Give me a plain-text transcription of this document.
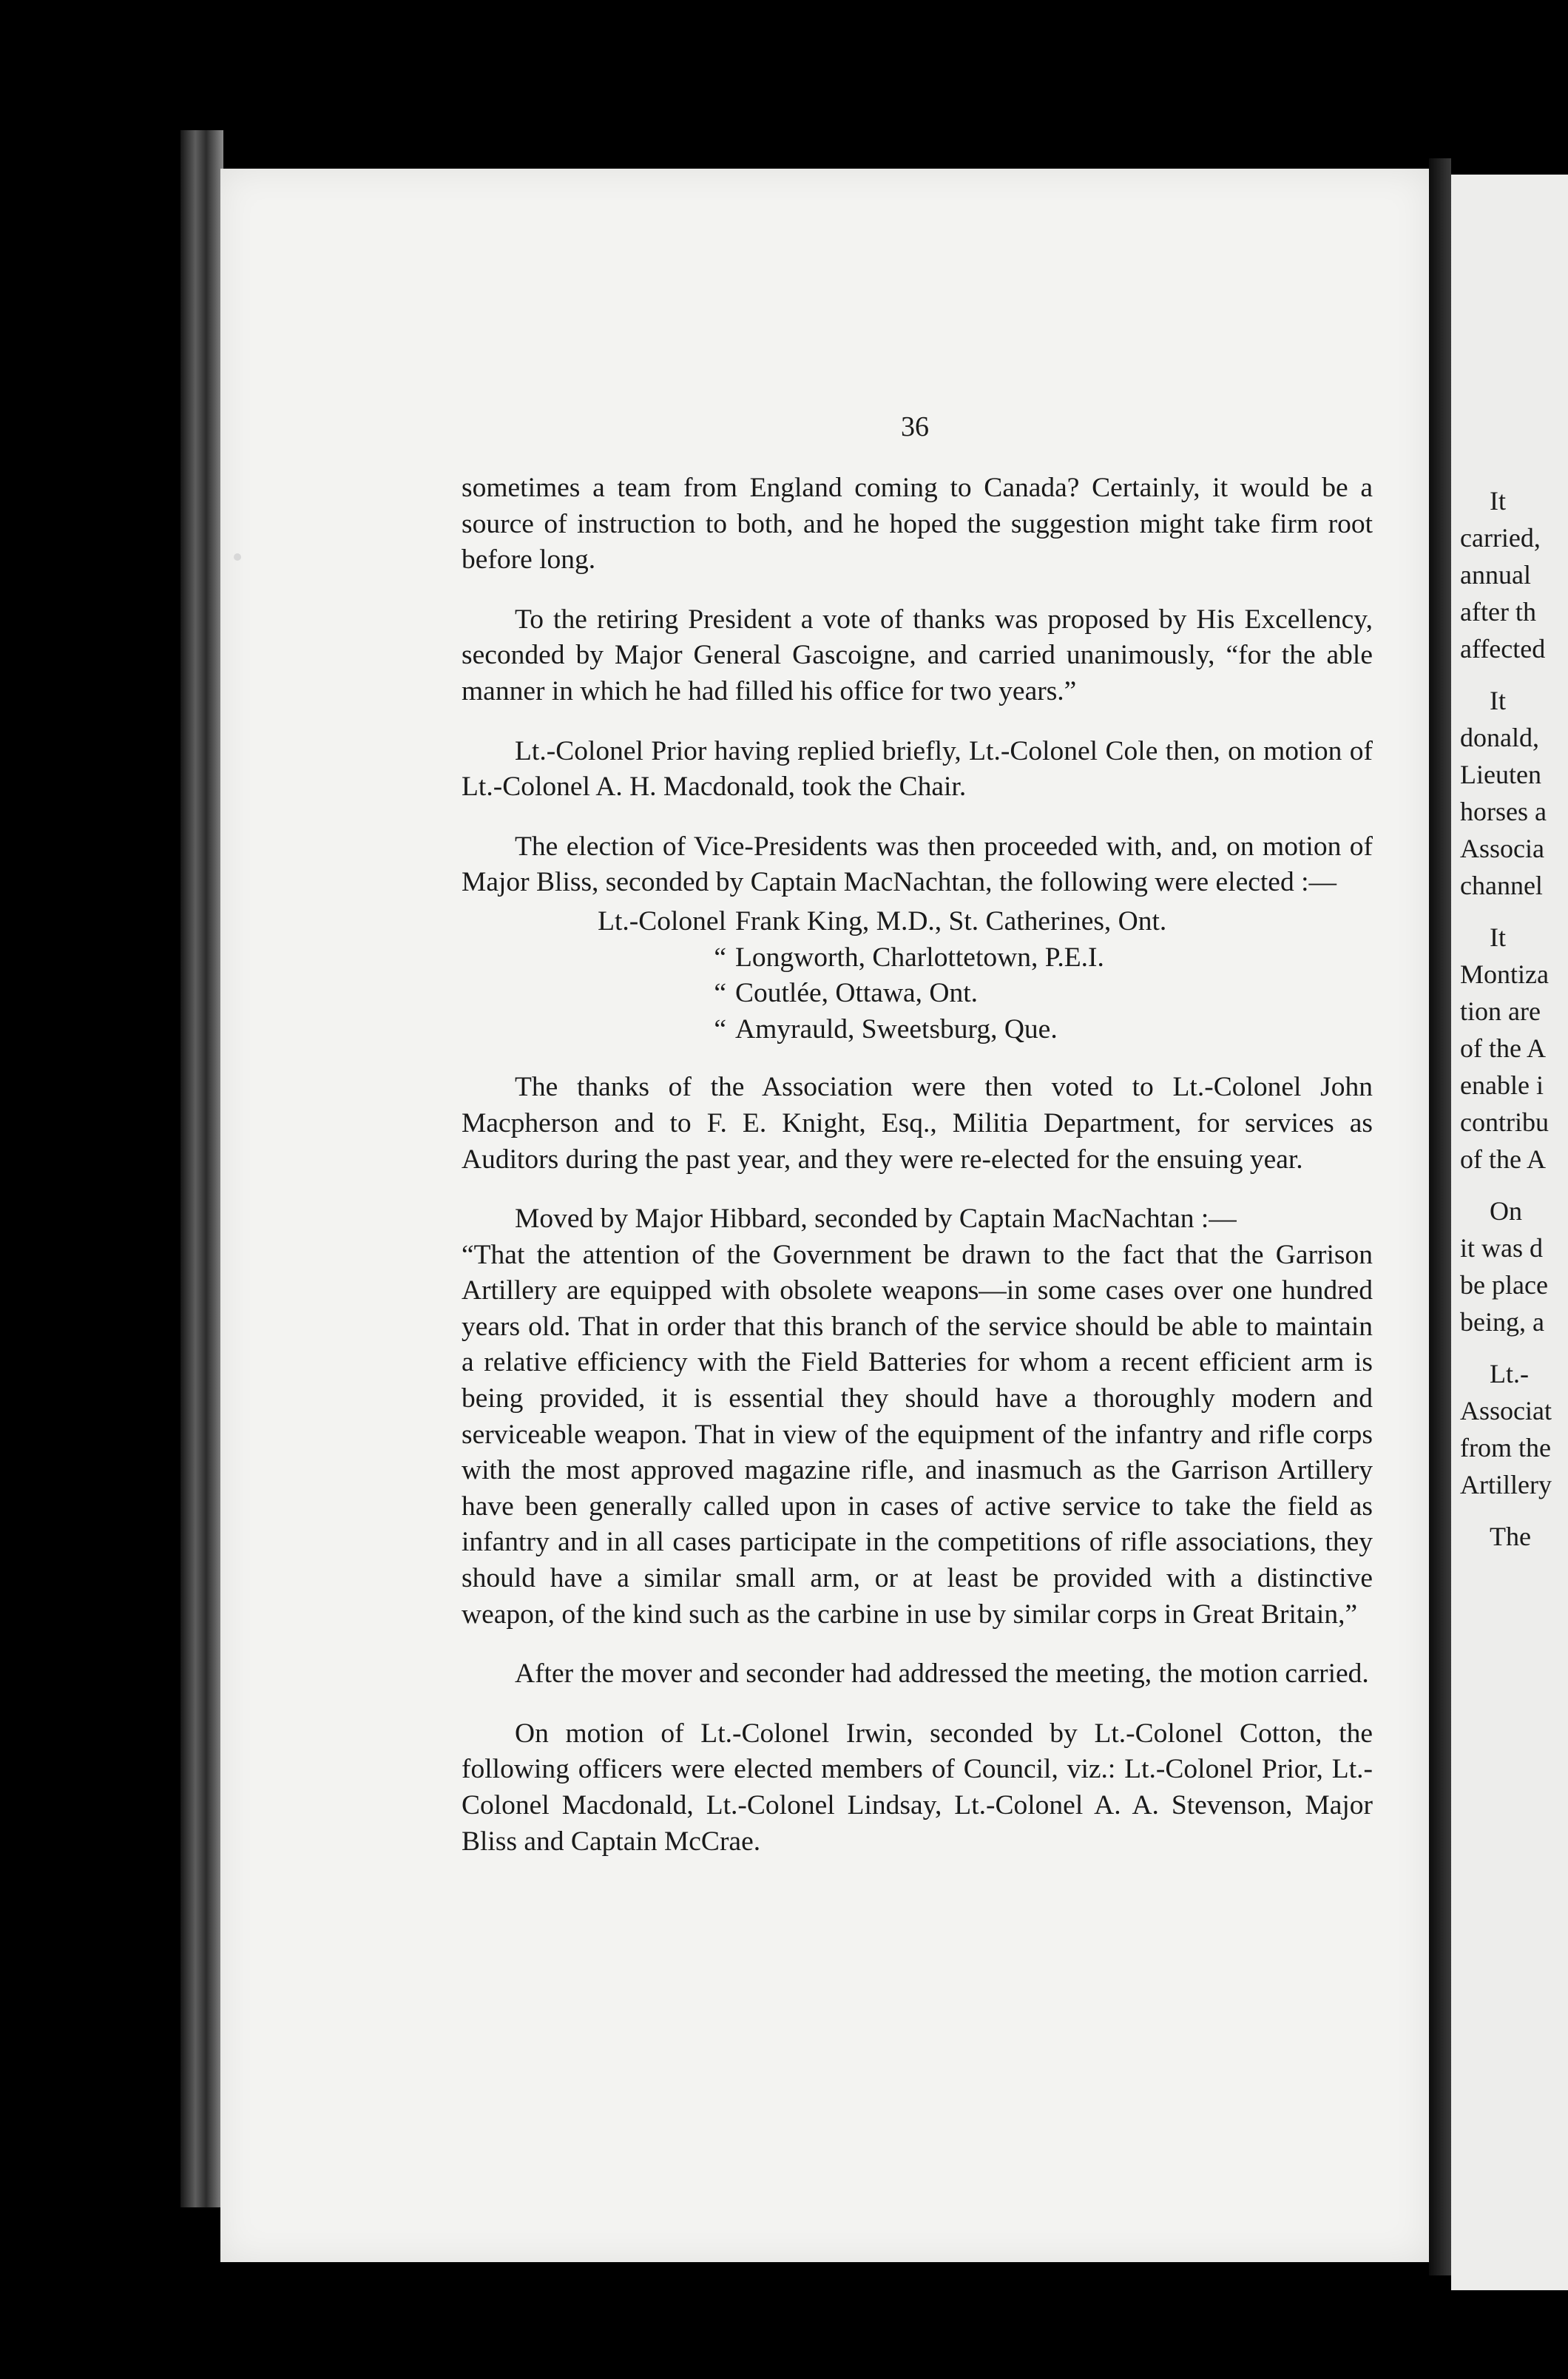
36

sometimes a team from England coming to Canada? Certainly, it would be a source of instruction to both, and he hoped the suggestion might take firm root before long.

To the retiring President a vote of thanks was proposed by His Excellency, seconded by Major General Gascoigne, and carried unanimously, “for the able manner in which he had filled his office for two years.”

Lt.-Colonel Prior having replied briefly, Lt.-Colonel Cole then, on motion of Lt.-Colonel A. H. Macdonald, took the Chair.

The election of Vice-Presidents was then proceeded with, and, on motion of Major Bliss, seconded by Captain MacNachtan, the following were elected :—

Lt.-Colonel Frank King, M.D., St. Catherines, Ont.
“ Longworth, Charlottetown, P.E.I.
“ Coutlée, Ottawa, Ont.
“ Amyrauld, Sweetsburg, Que.

The thanks of the Association were then voted to Lt.-Colonel John Macpherson and to F. E. Knight, Esq., Militia Department, for services as Auditors during the past year, and they were re-elected for the ensuing year.

Moved by Major Hibbard, seconded by Captain MacNachtan :—
“That the attention of the Government be drawn to the fact that the Garrison Artillery are equipped with obsolete weapons—in some cases over one hundred years old. That in order that this branch of the service should be able to maintain a relative efficiency with the Field Batteries for whom a recent efficient arm is being provided, it is essential they should have a thoroughly modern and serviceable weapon. That in view of the equipment of the infantry and rifle corps with the most approved magazine rifle, and inasmuch as the Garrison Artillery have been generally called upon in cases of active service to take the field as infantry and in all cases participate in the competitions of rifle associations, they should have a similar small arm, or at least be provided with a distinctive weapon, of the kind such as the carbine in use by similar corps in Great Britain,”

After the mover and seconder had addressed the meeting, the motion carried.

On motion of Lt.-Colonel Irwin, seconded by Lt.-Colonel Cotton, the following officers were elected members of Council, viz.: Lt.-Colonel Prior, Lt.-Colonel Macdonald, Lt.-Colonel Lindsay, Lt.-Colonel A. A. Stevenson, Major Bliss and Captain McCrae.

It
carried,
annual
after th
affected
It
donald,
Lieuten
horses a
Associa
channel
It
Montiza
tion are
of the A
enable i
contribu
of the A
On
it was d
be place
being, a
Lt.-
Associat
from the
Artillery
The
